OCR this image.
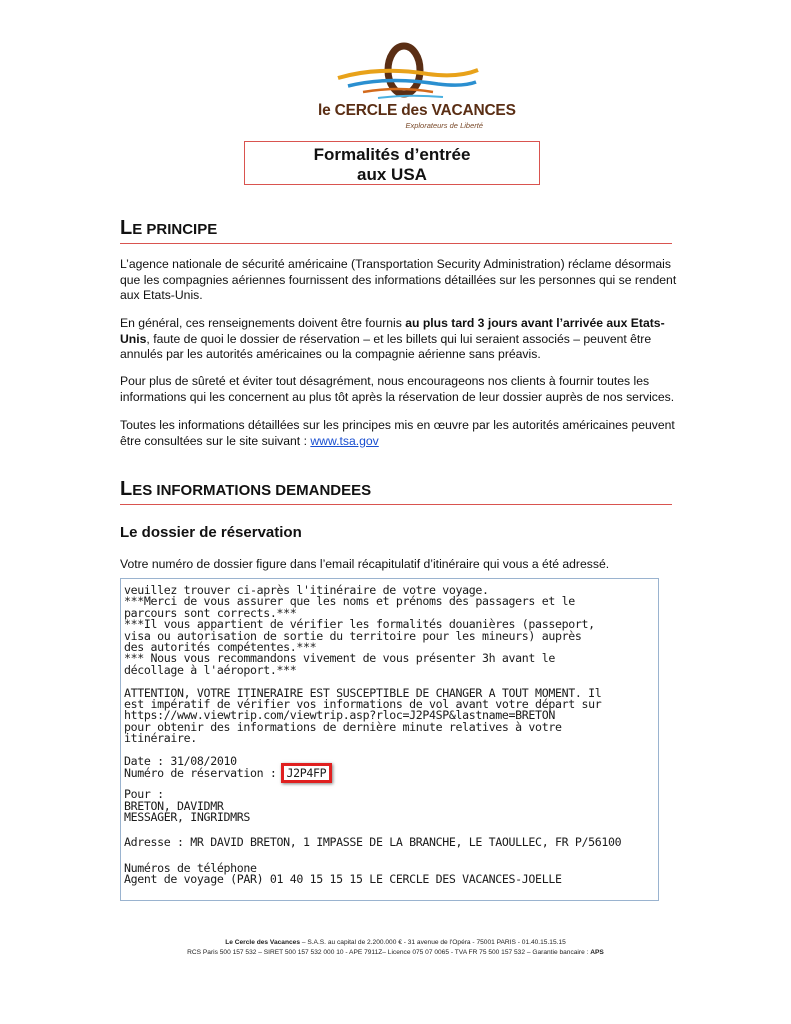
le CERCLE des VACANCES
Explorateurs de Liberté
Formalités d’entrée
aux USA
LE PRINCIPE
L’agence nationale de sécurité américaine (Transportation Security Administration) réclame désormais que les compagnies aériennes fournissent des informations détaillées sur les personnes qui se rendent aux Etats-Unis.
En général, ces renseignements doivent être fournis au plus tard 3 jours avant l’arrivée aux Etats-Unis, faute de quoi le dossier de réservation – et les billets qui lui seraient associés – peuvent être annulés par les autorités américaines ou la compagnie aérienne sans préavis.
Pour plus de sûreté et éviter tout désagrément, nous encourageons nos clients à fournir toutes les informations qui les concernent au plus tôt après la réservation de leur dossier auprès de nos services.
Toutes les informations détaillées sur les principes mis en œuvre par les autorités américaines peuvent être consultées sur le site suivant : www.tsa.gov
LES INFORMATIONS DEMANDEES
Le dossier de réservation
Votre numéro de dossier figure dans l’email récapitulatif d’itinéraire qui vous a été adressé.
veuillez trouver ci-après l'itinéraire de votre voyage.
***Merci de vous assurer que les noms et prénoms des passagers et le
parcours sont corrects.***
***Il vous appartient de vérifier les formalités douanières (passeport,
visa ou autorisation de sortie du territoire pour les mineurs) auprès
des autorités compétentes.***
*** Nous vous recommandons vivement de vous présenter 3h avant le
décollage à l'aéroport.***
ATTENTION, VOTRE ITINERAIRE EST SUSCEPTIBLE DE CHANGER A TOUT MOMENT. Il
est impératif de vérifier vos informations de vol avant votre départ sur
https://www.viewtrip.com/viewtrip.asp?rloc=J2P4SP&lastname=BRETON
pour obtenir des informations de dernière minute relatives à votre
itinéraire.
Date : 31/08/2010
Numéro de réservation : J2P4FP
Pour :
BRETON, DAVIDMR
MESSAGER, INGRIDMRS
Adresse : MR DAVID BRETON, 1 IMPASSE DE LA BRANCHE, LE TAOULLEC, FR P/56100
Numéros de téléphone
Agent de voyage (PAR) 01 40 15 15 15 LE CERCLE DES VACANCES-JOELLE
Le Cercle des Vacances – S.A.S. au capital de 2.200.000 € - 31 avenue de l'Opéra - 75001 PARIS - 01.40.15.15.15
RCS Paris 500 157 532 – SIRET 500 157 532 000 10 - APE 7911Z– Licence 075 07 0065 - TVA FR 75 500 157 532 – Garantie bancaire : APS
